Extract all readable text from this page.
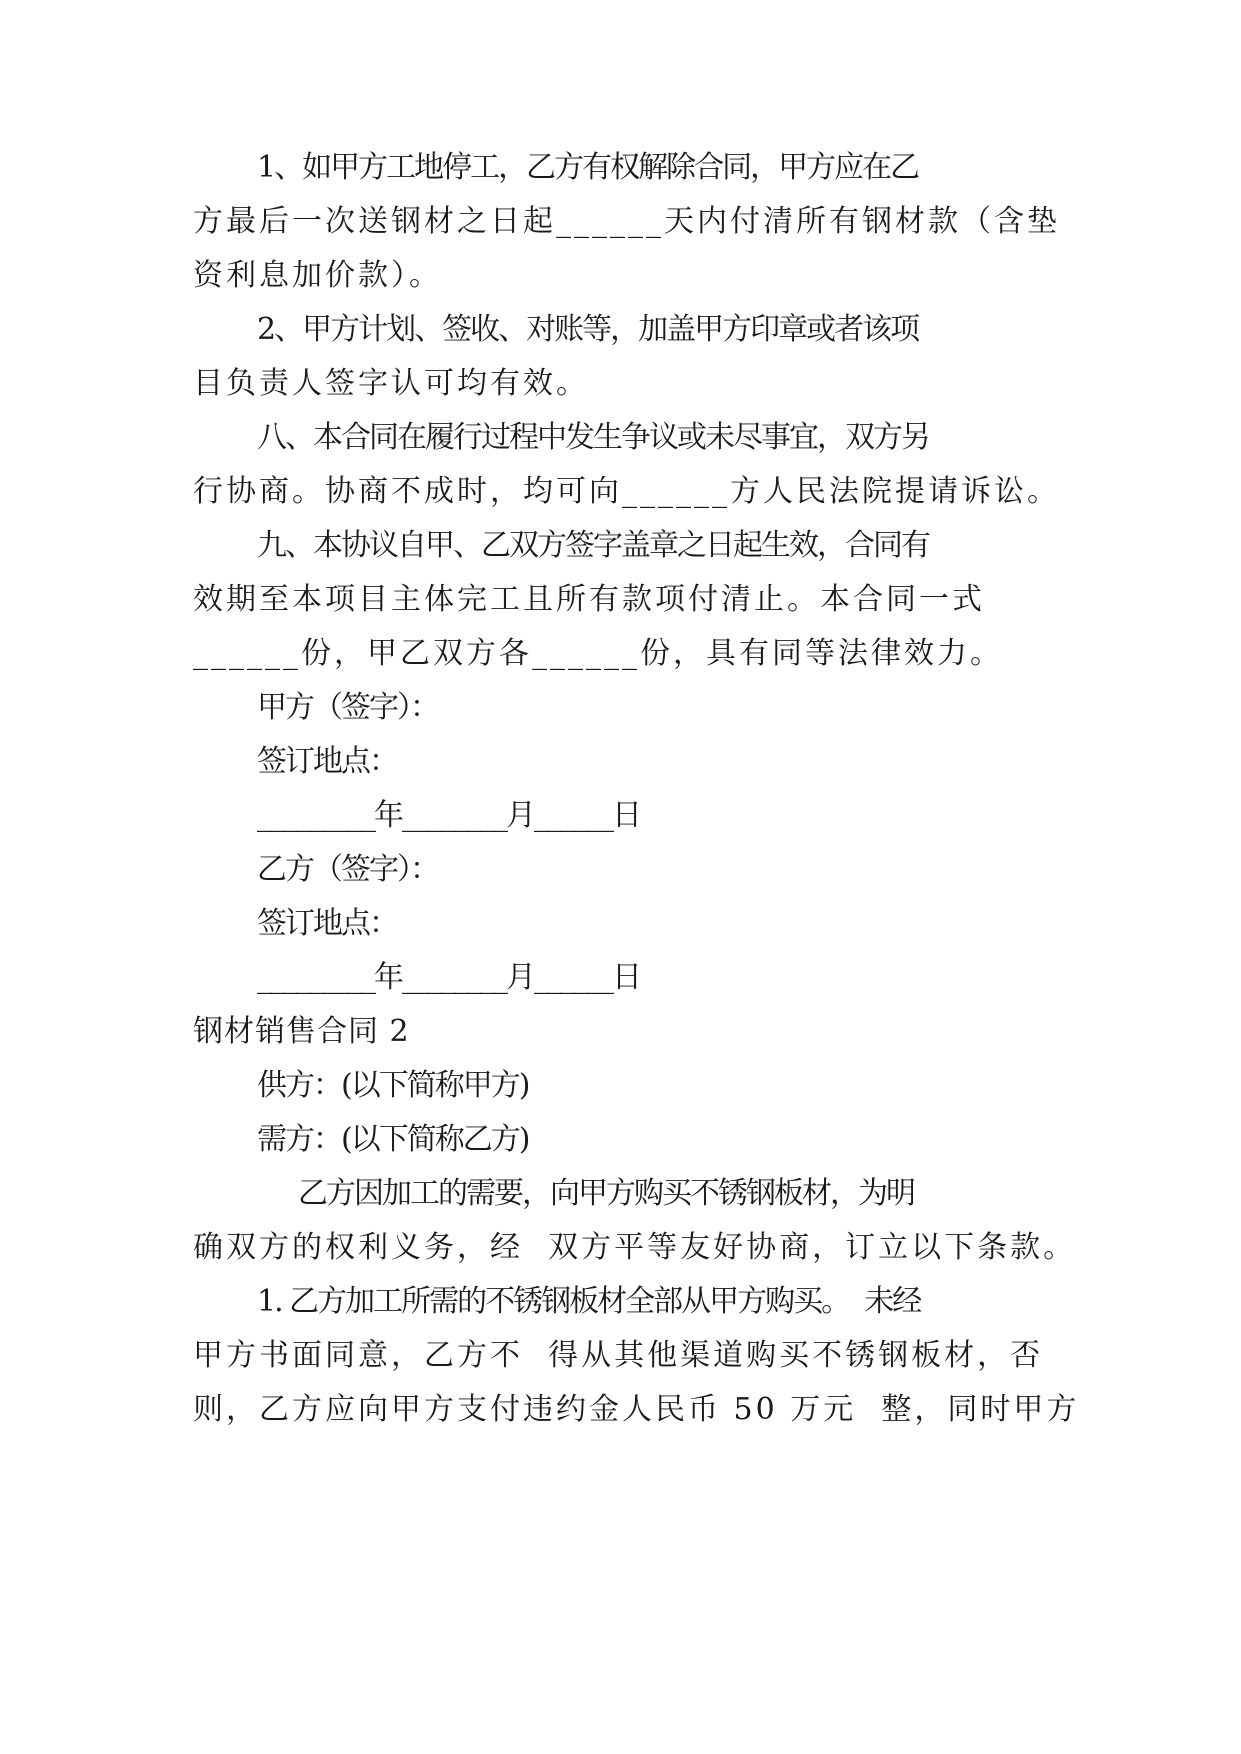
1、如甲方工地停工，乙方有权解除合同，甲方应在乙
方最后一次送钢材之日起______天内付清所有钢材款（含垫
资利息加价款）。
2、甲方计划、签收、对账等，加盖甲方印章或者该项
目负责人签字认可均有效。
八、本合同在履行过程中发生争议或未尽事宜，双方另
行协商。协商不成时，均可向______方人民法院提请诉讼。
九、本协议自甲、乙双方签字盖章之日起生效，合同有
效期至本项目主体完工且所有款项付清止。本合同一式
______份，甲乙双方各______份，具有同等法律效力。
甲方（签字）：
签订地点：
_________年________月______日
乙方（签字）：
签订地点：
_________年________月______日
钢材销售合同 2
供方：(以下简称甲方)
需方：(以下简称乙方)
乙方因加工的需要，向甲方购买不锈钢板材，为明
确双方的权利义务，经  双方平等友好协商，订立以下条款。
1. 乙方加工所需的不锈钢板材全部从甲方购买。  未经
甲方书面同意，乙方不  得从其他渠道购买不锈钢板材，否
则，乙方应向甲方支付违约金人民币 50 万元  整，同时甲方
